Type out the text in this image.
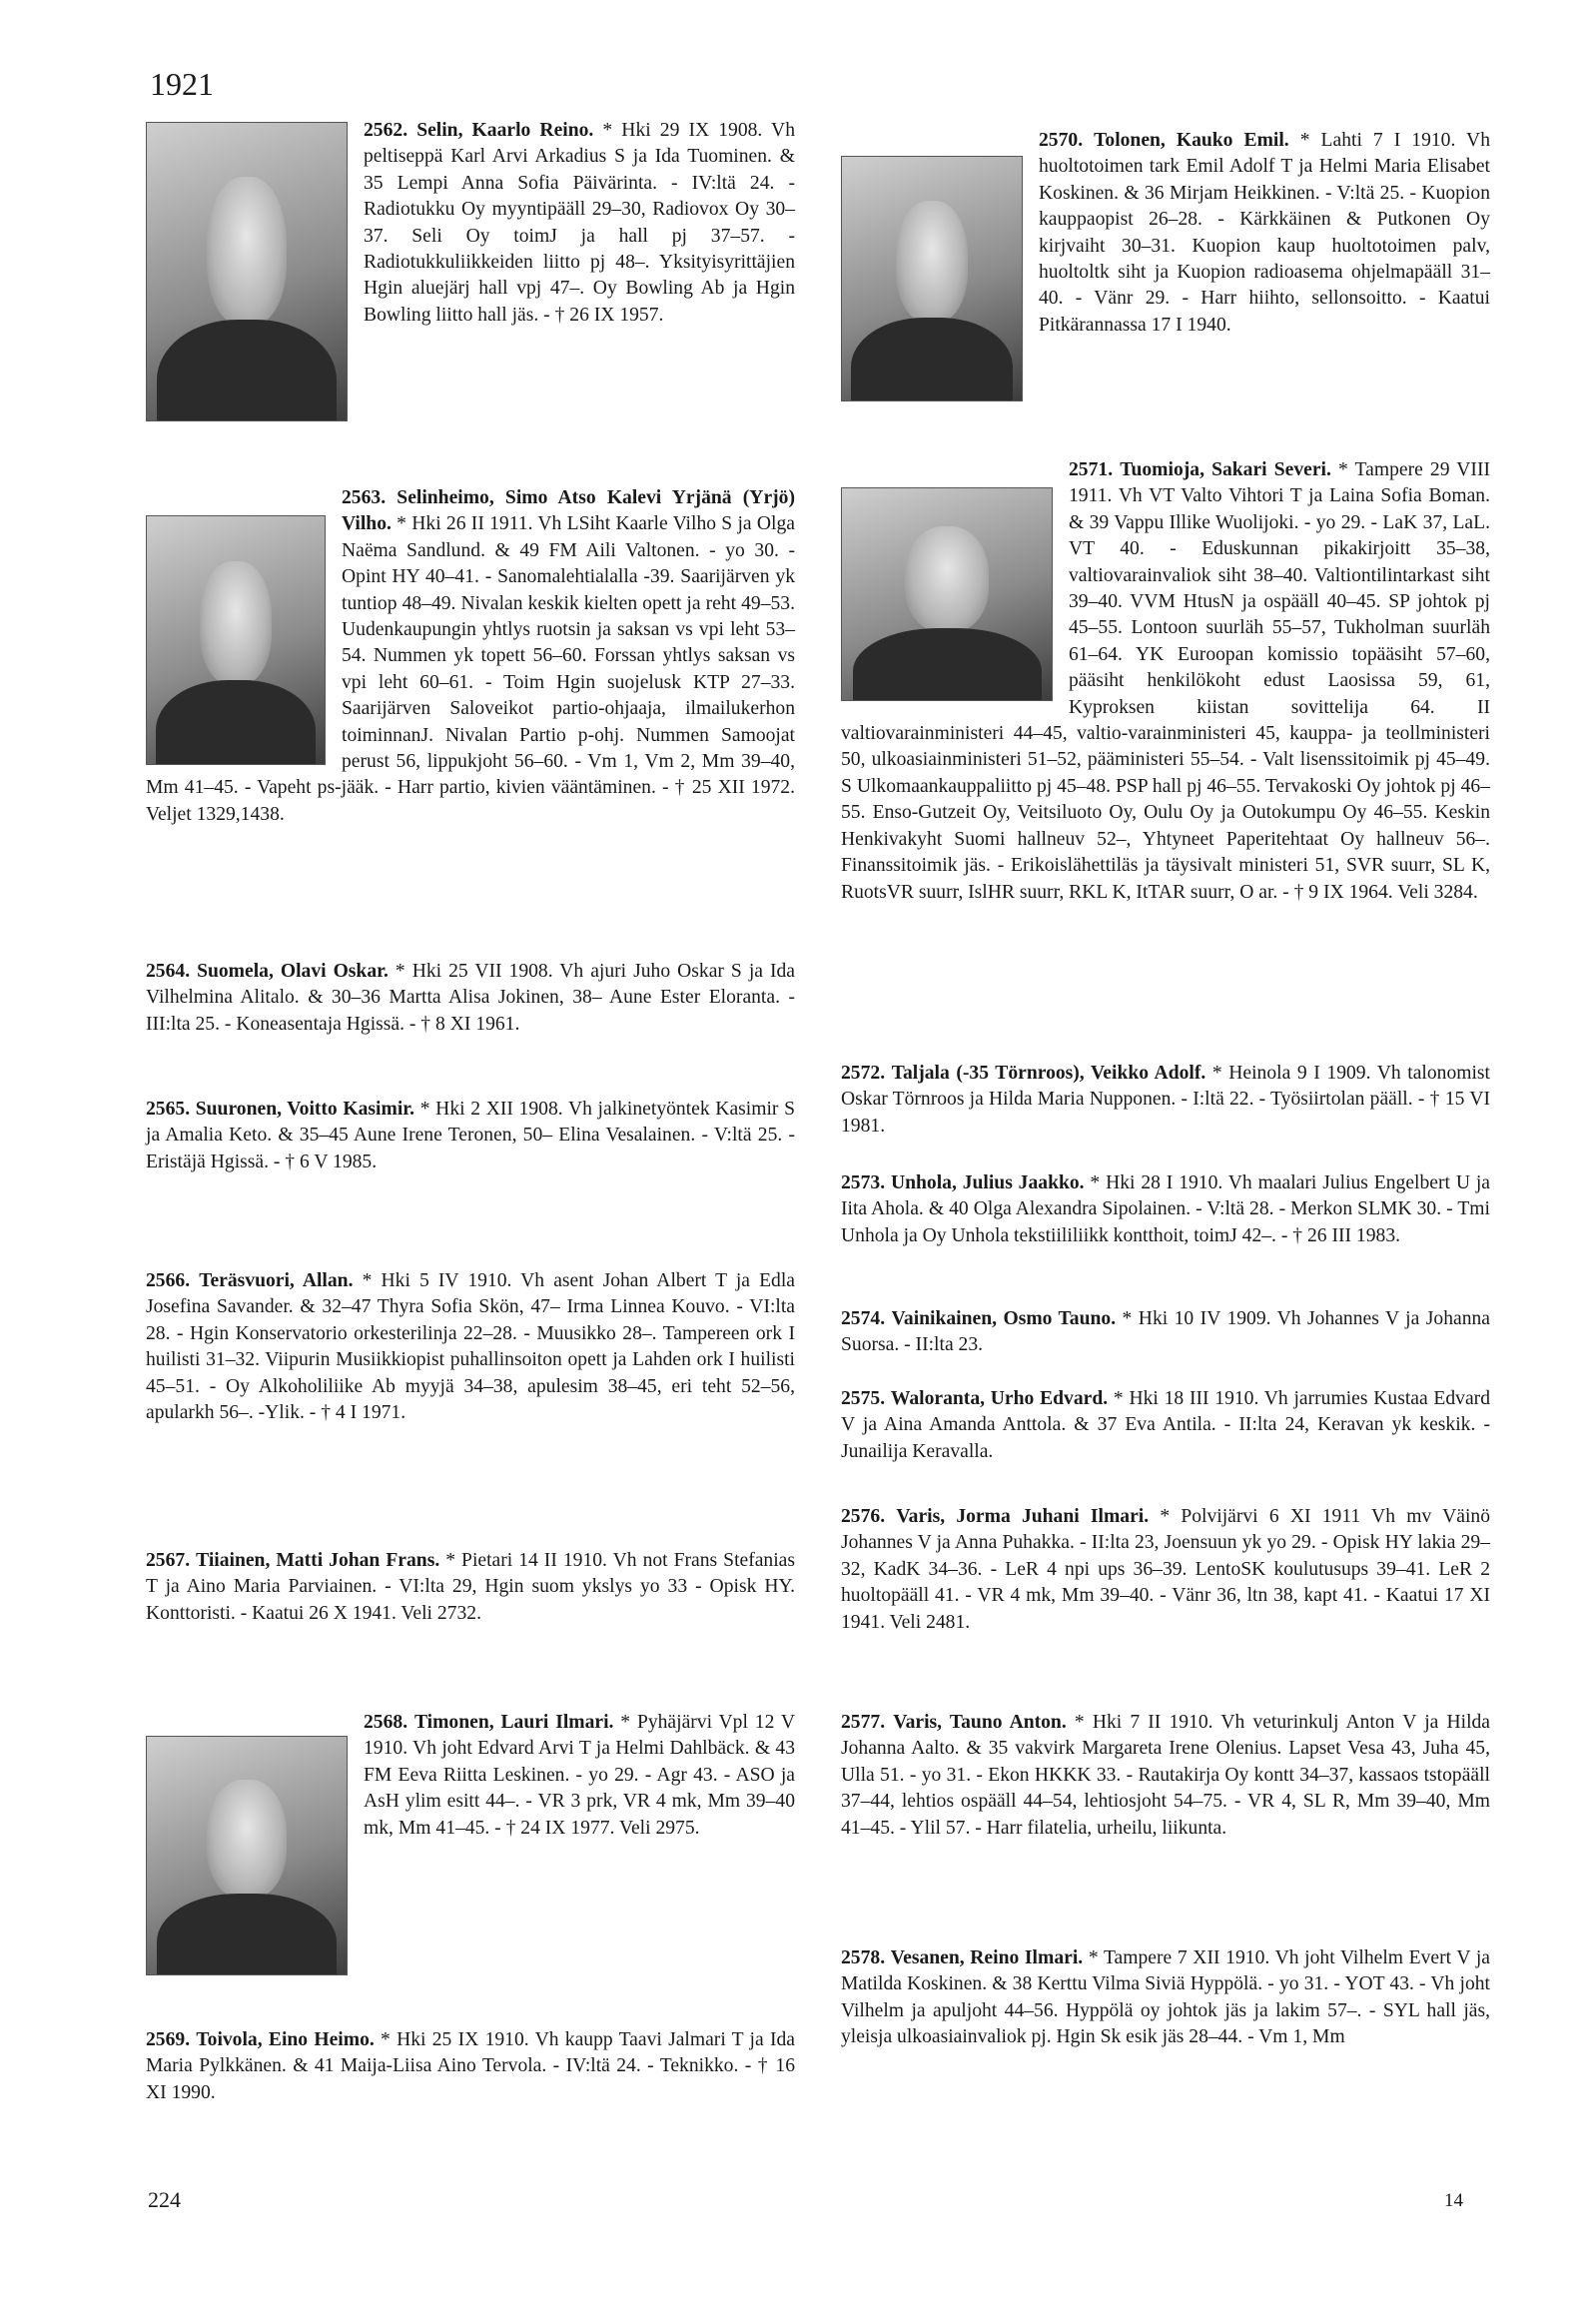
1921

2562. Selin, Kaarlo Reino. * Hki 29 IX 1908. Vh peltiseppä Karl Arvi Arkadius S ja Ida Tuominen. & 35 Lempi Anna Sofia Päivärinta. - IV:ltä 24. - Radiotukku Oy myyntipääll 29–30, Radiovox Oy 30–37. Seli Oy toimJ ja hall pj 37–57. - Radiotukkuliikkeiden liitto pj 48–. Yksityisyrittäjien Hgin aluejärj hall vpj 47–. Oy Bowling Ab ja Hgin Bowling liitto hall jäs. - † 26 IX 1957.

2563. Selinheimo, Simo Atso Kalevi Yrjänä (Yrjö) Vilho. * Hki 26 II 1911. Vh LSiht Kaarle Vilho S ja Olga Naëma Sandlund. & 49 FM Aili Valtonen. - yo 30. - Opint HY 40–41. - Sanomalehtialalla -39. Saarijärven yk tuntiop 48–49. Nivalan keskik kielten opett ja reht 49–53. Uudenkaupungin yhtlys ruotsin ja saksan vs vpi leht 53–54. Nummen yk topett 56–60. Forssan yhtlys saksan vs vpi leht 60–61. - Toim Hgin suojelusk KTP 27–33. Saarijärven Saloveikot partio-ohjaaja, ilmailukerhon toiminnanJ. Nivalan Partio p-ohj. Nummen Samoojat perust 56, lippukjoht 56–60. - Vm 1, Vm 2, Mm 39–40, Mm 41–45. - Vapeht ps-jääk. - Harr partio, kivien vääntäminen. - † 25 XII 1972. Veljet 1329,1438.

2564. Suomela, Olavi Oskar. * Hki 25 VII 1908. Vh ajuri Juho Oskar S ja Ida Vilhelmina Alitalo. & 30–36 Martta Alisa Jokinen, 38– Aune Ester Eloranta. - III:lta 25. - Koneasentaja Hgissä. - † 8 XI 1961.

2565. Suuronen, Voitto Kasimir. * Hki 2 XII 1908. Vh jalkinetyöntek Kasimir S ja Amalia Keto. & 35–45 Aune Irene Teronen, 50– Elina Vesalainen. - V:ltä 25. - Eristäjä Hgissä. - † 6 V 1985.

2566. Teräsvuori, Allan. * Hki 5 IV 1910. Vh asent Johan Albert T ja Edla Josefina Savander. & 32–47 Thyra Sofia Skön, 47– Irma Linnea Kouvo. - VI:lta 28. - Hgin Konservatorio orkesterilinja 22–28. - Muusikko 28–. Tampereen ork I huilisti 31–32. Viipurin Musiikkiopist puhallinsoiton opett ja Lahden ork I huilisti 45–51. - Oy Alkoholiliike Ab myyjä 34–38, apulesim 38–45, eri teht 52–56, apularkh 56–. -Ylik. - † 4 I 1971.

2567. Tiiainen, Matti Johan Frans. * Pietari 14 II 1910. Vh not Frans Stefanias T ja Aino Maria Parviainen. - VI:lta 29, Hgin suom ykslys yo 33 - Opisk HY. Konttoristi. - Kaatui 26 X 1941. Veli 2732.

2568. Timonen, Lauri Ilmari. * Pyhäjärvi Vpl 12 V 1910. Vh joht Edvard Arvi T ja Helmi Dahlbäck. & 43 FM Eeva Riitta Leskinen. - yo 29. - Agr 43. - ASO ja AsH ylim esitt 44–. - VR 3 prk, VR 4 mk, Mm 39–40 mk, Mm 41–45. - † 24 IX 1977. Veli 2975.

2569. Toivola, Eino Heimo. * Hki 25 IX 1910. Vh kaupp Taavi Jalmari T ja Ida Maria Pylkkänen. & 41 Maija-Liisa Aino Tervola. - IV:ltä 24. - Teknikko. - † 16 XI 1990.

2570. Tolonen, Kauko Emil. * Lahti 7 I 1910. Vh huoltotoimen tark Emil Adolf T ja Helmi Maria Elisabet Koskinen. & 36 Mirjam Heikkinen. - V:ltä 25. - Kuopion kauppaopist 26–28. - Kärkkäinen & Putkonen Oy kirjvaiht 30–31. Kuopion kaup huoltotoimen palv, huoltoltk siht ja Kuopion radioasema ohjelmapääll 31–40. - Vänr 29. - Harr hiihto, sellonsoitto. - Kaatui Pitkärannassa 17 I 1940.

2571. Tuomioja, Sakari Severi. * Tampere 29 VIII 1911. Vh VT Valto Vihtori T ja Laina Sofia Boman. & 39 Vappu Illike Wuolijoki. - yo 29. - LaK 37, LaL. VT 40. - Eduskunnan pikakirjoitt 35–38, valtiovarainvaliok siht 38–40. Valtiontilintarkast siht 39–40. VVM HtusN ja ospääll 40–45. SP johtok pj 45–55. Lontoon suurläh 55–57, Tukholman suurläh 61–64. YK Euroopan komissio topääsiht 57–60, pääsiht henkilökoht edust Laosissa 59, 61, Kyproksen kiistan sovittelija 64. II valtiovarainministeri 44–45, valtio-varainministeri 45, kauppa- ja teollministeri 50, ulkoasiainministeri 51–52, pääministeri 55–54. - Valt lisenssitoimik pj 45–49. S Ulkomaankauppaliitto pj 45–48. PSP hall pj 46–55. Tervakoski Oy johtok pj 46–55. Enso-Gutzeit Oy, Veitsiluoto Oy, Oulu Oy ja Outokumpu Oy 46–55. Keskin Henkivakyht Suomi hallneuv 52–, Yhtyneet Paperitehtaat Oy hallneuv 56–. Finanssitoimik jäs. - Erikoislähettiläs ja täysivalt ministeri 51, SVR suurr, SL K, RuotsVR suurr, IslHR suurr, RKL K, ItTAR suurr, O ar. - † 9 IX 1964. Veli 3284.

2572. Taljala (-35 Törnroos), Veikko Adolf. * Heinola 9 I 1909. Vh talonomist Oskar Törnroos ja Hilda Maria Nupponen. - I:ltä 22. - Työsiirtolan pääll. - † 15 VI 1981.

2573. Unhola, Julius Jaakko. * Hki 28 I 1910. Vh maalari Julius Engelbert U ja Iita Ahola. & 40 Olga Alexandra Sipolainen. - V:ltä 28. - Merkon SLMK 30. - Tmi Unhola ja Oy Unhola tekstiililiikk kontthoit, toimJ 42–. - † 26 III 1983.

2574. Vainikainen, Osmo Tauno. * Hki 10 IV 1909. Vh Johannes V ja Johanna Suorsa. - II:lta 23.

2575. Waloranta, Urho Edvard. * Hki 18 III 1910. Vh jarrumies Kustaa Edvard V ja Aina Amanda Anttola. & 37 Eva Antila. - II:lta 24, Keravan yk keskik. - Junailija Keravalla.

2576. Varis, Jorma Juhani Ilmari. * Polvijärvi 6 XI 1911 Vh mv Väinö Johannes V ja Anna Puhakka. - II:lta 23, Joensuun yk yo 29. - Opisk HY lakia 29–32, KadK 34–36. - LeR 4 npi ups 36–39. LentoSK koulutusups 39–41. LeR 2 huoltopääll 41. - VR 4 mk, Mm 39–40. - Vänr 36, ltn 38, kapt 41. - Kaatui 17 XI 1941. Veli 2481.

2577. Varis, Tauno Anton. * Hki 7 II 1910. Vh veturinkulj Anton V ja Hilda Johanna Aalto. & 35 vakvirk Margareta Irene Olenius. Lapset Vesa 43, Juha 45, Ulla 51. - yo 31. - Ekon HKKK 33. - Rautakirja Oy kontt 34–37, kassaos tstopääll 37–44, lehtios ospääll 44–54, lehtiosjoht 54–75. - VR 4, SL R, Mm 39–40, Mm 41–45. - Ylil 57. - Harr filatelia, urheilu, liikunta.

2578. Vesanen, Reino Ilmari. * Tampere 7 XII 1910. Vh joht Vilhelm Evert V ja Matilda Koskinen. & 38 Kerttu Vilma Siviä Hyppölä. - yo 31. - YOT 43. - Vh joht Vilhelm ja apuljoht 44–56. Hyppölä oy johtok jäs ja lakim 57–. - SYL hall jäs, yleisja ulkoasiainvaliok pj. Hgin Sk esik jäs 28–44. - Vm 1, Mm

224	14
